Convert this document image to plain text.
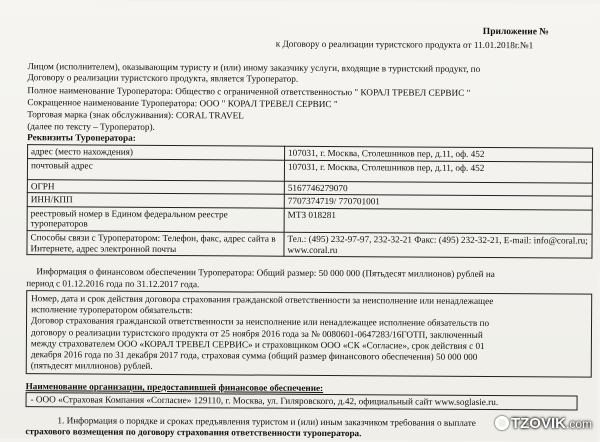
Приложение №
к Договору о реализации туристского продукта от 11.01.2018г.№1
Лицом (исполнителем), оказывающим туристу и (или) иному заказчику услуги, входящие в туристский продукт, по
Договору о реализации туристского продукта, является Туроператор.
Полное наименование Туроператора: Общество с ограниченной ответственностью " КОРАЛ ТРЕВЕЛ СЕРВИС "
Сокращенное наименование Туроператора: ООО " КОРАЛ ТРЕВЕЛ СЕРВИС "
Торговая марка (знак обслуживания): CORAL TRAVEL
(далее по тексту – Туроператор).
Реквизиты Туроператора:
адрес (место нахождения)	107031, г. Москва, Столешников пер, д.11, оф. 452
почтовый адрес	107031, г. Москва, Столешников пер, д.11, оф. 452
ОГРН	5167746279070
ИНН/КПП	7707374719/ 770701001
реестровый номер в Едином федеральном реестре туроператоров	МТЗ 018281
Способы связи с Туроператором: Телефон, факс, адрес сайта в Интернете, адрес электронной почты	Тел.: (495) 232-97-97, 232-32-21 Факс: (495) 232-32-21, E-mail: info@coral.ru; www.coral.ru
Информация о финансовом обеспечении Туроператора: Общий размер: 50 000 000 (Пятьдесят миллионов) рублей на
период с 01.12.2016 года по 31.12.2017 года.
Номер, дата и срок действия договора страхования гражданской ответственности за неисполнение или ненадлежащее
исполнение туроператором обязательств:
Договор страхования гражданской ответственности за неисполнение или ненадлежащее исполнение обязательств по
договору о реализации туристского продукта от 25 ноября 2016 года за № 0080601-0647283/16ГОТП, заключенный
между страхователем ООО «КОРАЛ ТРЕВЕЛ СЕРВИС» и страховщиком ООО «СК «Согласие», срок действия с 01
декабря 2016 года по 31 декабря 2017 года, страховая сумма (общий размер финансового обеспечения) 50 000 000
(пятьдесят миллионов) рублей.
Наименование организации, предоставившей финансовое обеспечение:
- ООО «Страховая Компания «Согласие» 129110, г. Москва, ул. Гиляровского, д.42, официальный сайт www.soglasie.ru.
1. Информация о порядке и сроках предъявления туристом и (или) иным заказчиком требования о выплате
страхового возмещения по договору страхования ответственности туроператора.
TZOVIK.com
